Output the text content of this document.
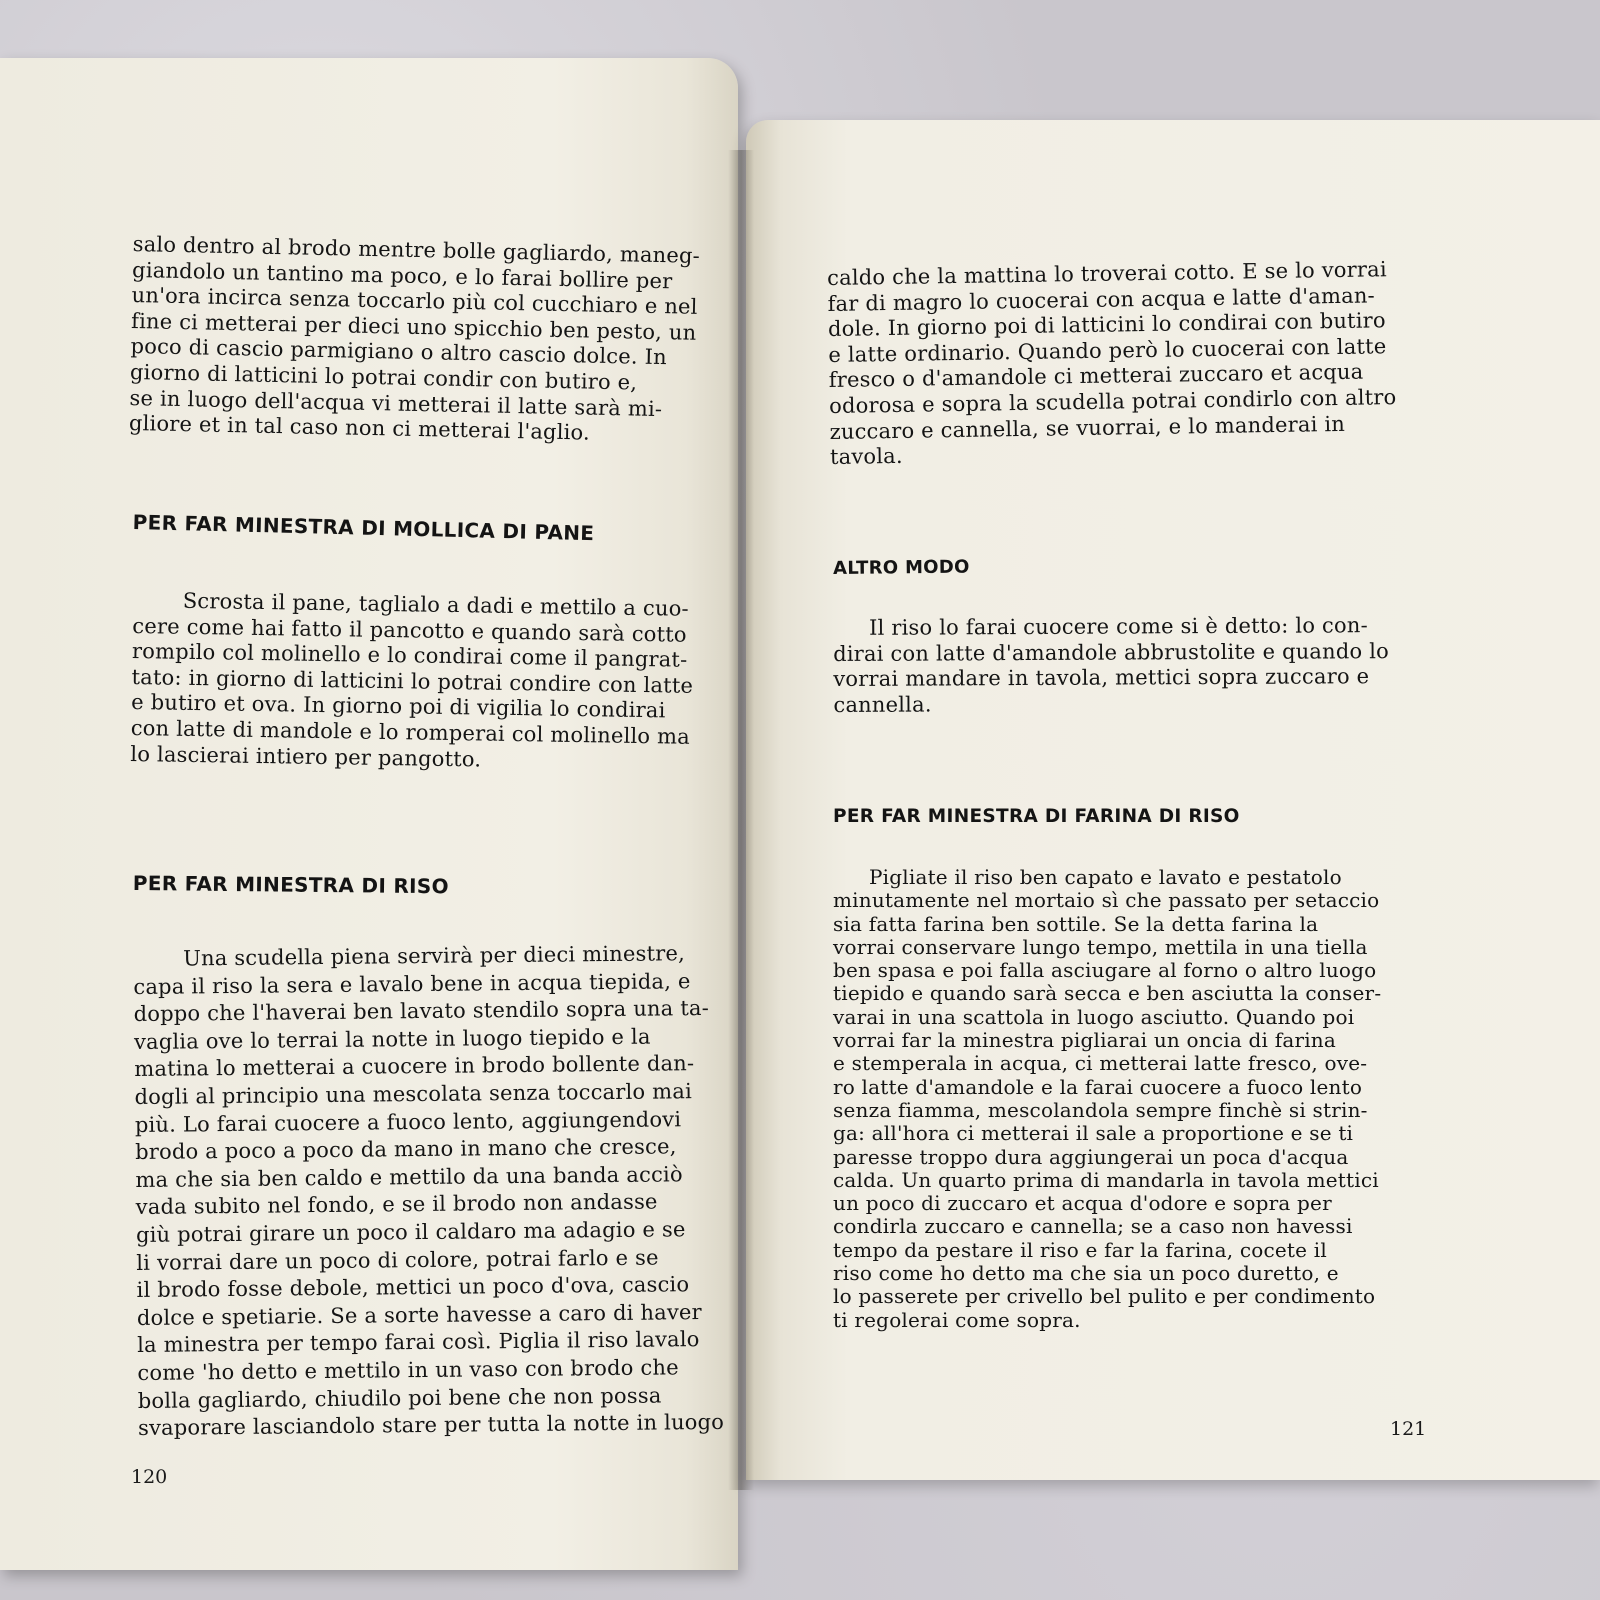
salo dentro al brodo mentre bolle gagliardo, maneg-

giandolo un tantino ma poco, e lo farai bollire per

un'ora incirca senza toccarlo più col cucchiaro e nel

fine ci metterai per dieci uno spicchio ben pesto, un

poco di cascio parmigiano o altro cascio dolce. In

giorno di latticini lo potrai condir con butiro e,

se in luogo dell'acqua vi metterai il latte sarà mi-

gliore et in tal caso non ci metterai l'aglio.

PER FAR MINESTRA DI MOLLICA DI PANE

Scrosta il pane, taglialo a dadi e mettilo a cuo-

cere come hai fatto il pancotto e quando sarà cotto

rompilo col molinello e lo condirai come il pangrat-

tato: in giorno di latticini lo potrai condire con latte

e butiro et ova. In giorno poi di vigilia lo condirai

con latte di mandole e lo romperai col molinello ma

lo lascierai intiero per pangotto.

PER FAR MINESTRA DI RISO

Una scudella piena servirà per dieci minestre,

capa il riso la sera e lavalo bene in acqua tiepida, e

doppo che l'haverai ben lavato stendilo sopra una ta-

vaglia ove lo terrai la notte in luogo tiepido e la

matina lo metterai a cuocere in brodo bollente dan-

dogli al principio una mescolata senza toccarlo mai

più. Lo farai cuocere a fuoco lento, aggiungendovi

brodo a poco a poco da mano in mano che cresce,

ma che sia ben caldo e mettilo da una banda acciò

vada subito nel fondo, e se il brodo non andasse

giù potrai girare un poco il caldaro ma adagio e se

li vorrai dare un poco di colore, potrai farlo e se

il brodo fosse debole, mettici un poco d'ova, cascio

dolce e spetiarie. Se a sorte havesse a caro di haver

la minestra per tempo farai così. Piglia il riso lavalo

come 'ho detto e mettilo in un vaso con brodo che

bolla gagliardo, chiudilo poi bene che non possa

svaporare lasciandolo stare per tutta la notte in luogo

120

caldo che la mattina lo troverai cotto. E se lo vorrai

far di magro lo cuocerai con acqua e latte d'aman-

dole. In giorno poi di latticini lo condirai con butiro

e latte ordinario. Quando però lo cuocerai con latte

fresco o d'amandole ci metterai zuccaro et acqua

odorosa e sopra la scudella potrai condirlo con altro

zuccaro e cannella, se vuorrai, e lo manderai in

tavola.

ALTRO MODO

Il riso lo farai cuocere come si è detto: lo con-

dirai con latte d'amandole abbrustolite e quando lo

vorrai mandare in tavola, mettici sopra zuccaro e

cannella.

PER FAR MINESTRA DI FARINA DI RISO

Pigliate il riso ben capato e lavato e pestatolo

minutamente nel mortaio sì che passato per setaccio

sia fatta farina ben sottile. Se la detta farina la

vorrai conservare lungo tempo, mettila in una tiella

ben spasa e poi falla asciugare al forno o altro luogo

tiepido e quando sarà secca e ben asciutta la conser-

varai in una scattola in luogo asciutto. Quando poi

vorrai far la minestra pigliarai un oncia di farina

e stemperala in acqua, ci metterai latte fresco, ove-

ro latte d'amandole e la farai cuocere a fuoco lento

senza fiamma, mescolandola sempre finchè si strin-

ga: all'hora ci metterai il sale a proportione e se ti

paresse troppo dura aggiungerai un poca d'acqua

calda. Un quarto prima di mandarla in tavola mettici

un poco di zuccaro et acqua d'odore e sopra per

condirla zuccaro e cannella; se a caso non havessi

tempo da pestare il riso e far la farina, cocete il

riso come ho detto ma che sia un poco duretto, e

lo passerete per crivello bel pulito e per condimento

ti regolerai come sopra.

121
